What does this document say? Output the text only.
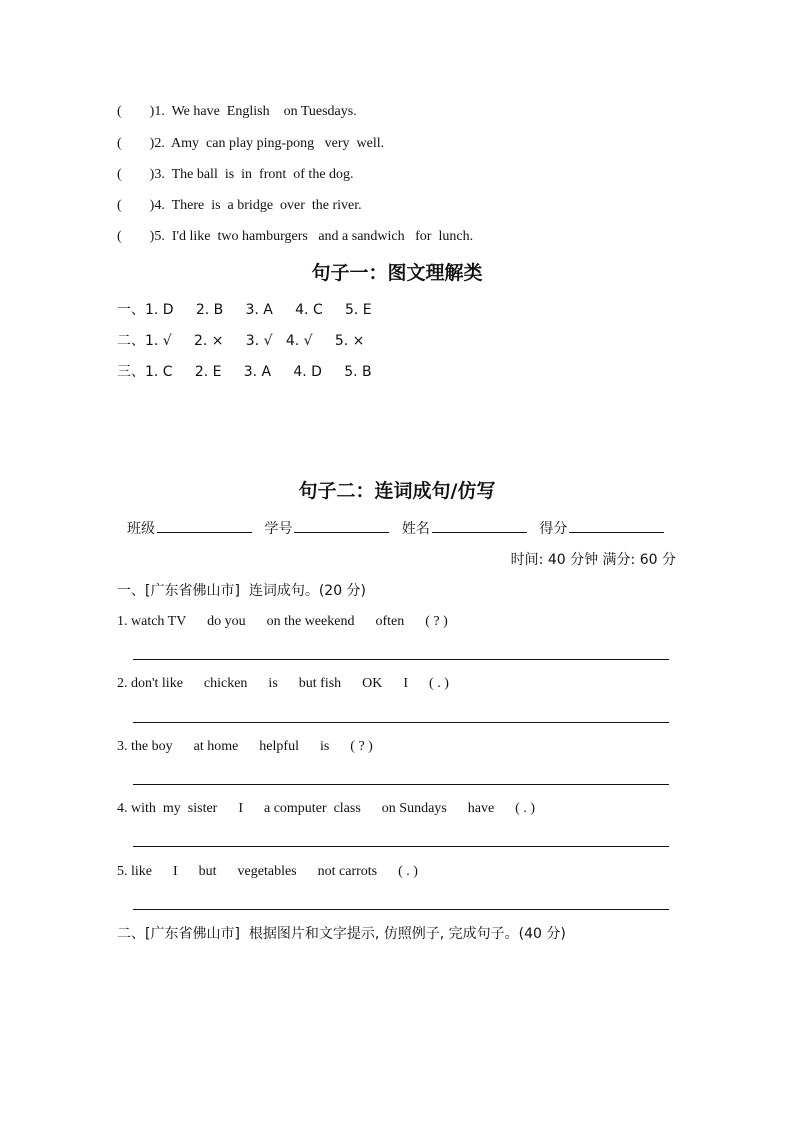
(        )1.  We have  English    on Tuesdays.
(        )2.  Amy  can play ping-pong   very  well.
(        )3.  The ball  is  in  front  of the dog.
(        )4.  There  is  a bridge  over  the river.
(        )5.  I'd like  two hamburgers   and a sandwich   for  lunch.
句子一：图文理解类
一、1. D     2. B     3. A     4. C     5. E
二、1. √     2. ×     3. √   4. √     5. ×
三、1. C     2. E     3. A     4. D     5. B
句子二：连词成句/仿写
班级	学号	姓名	得分
时间: 40 分钟 满分: 60 分
一、[广东省佛山市]  连词成句。(20 分)
1. watch TV      do you      on the weekend      often      ( ? )
2. don't like      chicken      is      but fish      OK      I      ( . )
3. the boy      at home      helpful      is      ( ? )
4. with  my  sister      I      a computer  class      on Sundays      have      ( . )
5. like      I      but      vegetables      not carrots      ( . )
二、[广东省佛山市]  根据图片和文字提示, 仿照例子, 完成句子。(40 分)
